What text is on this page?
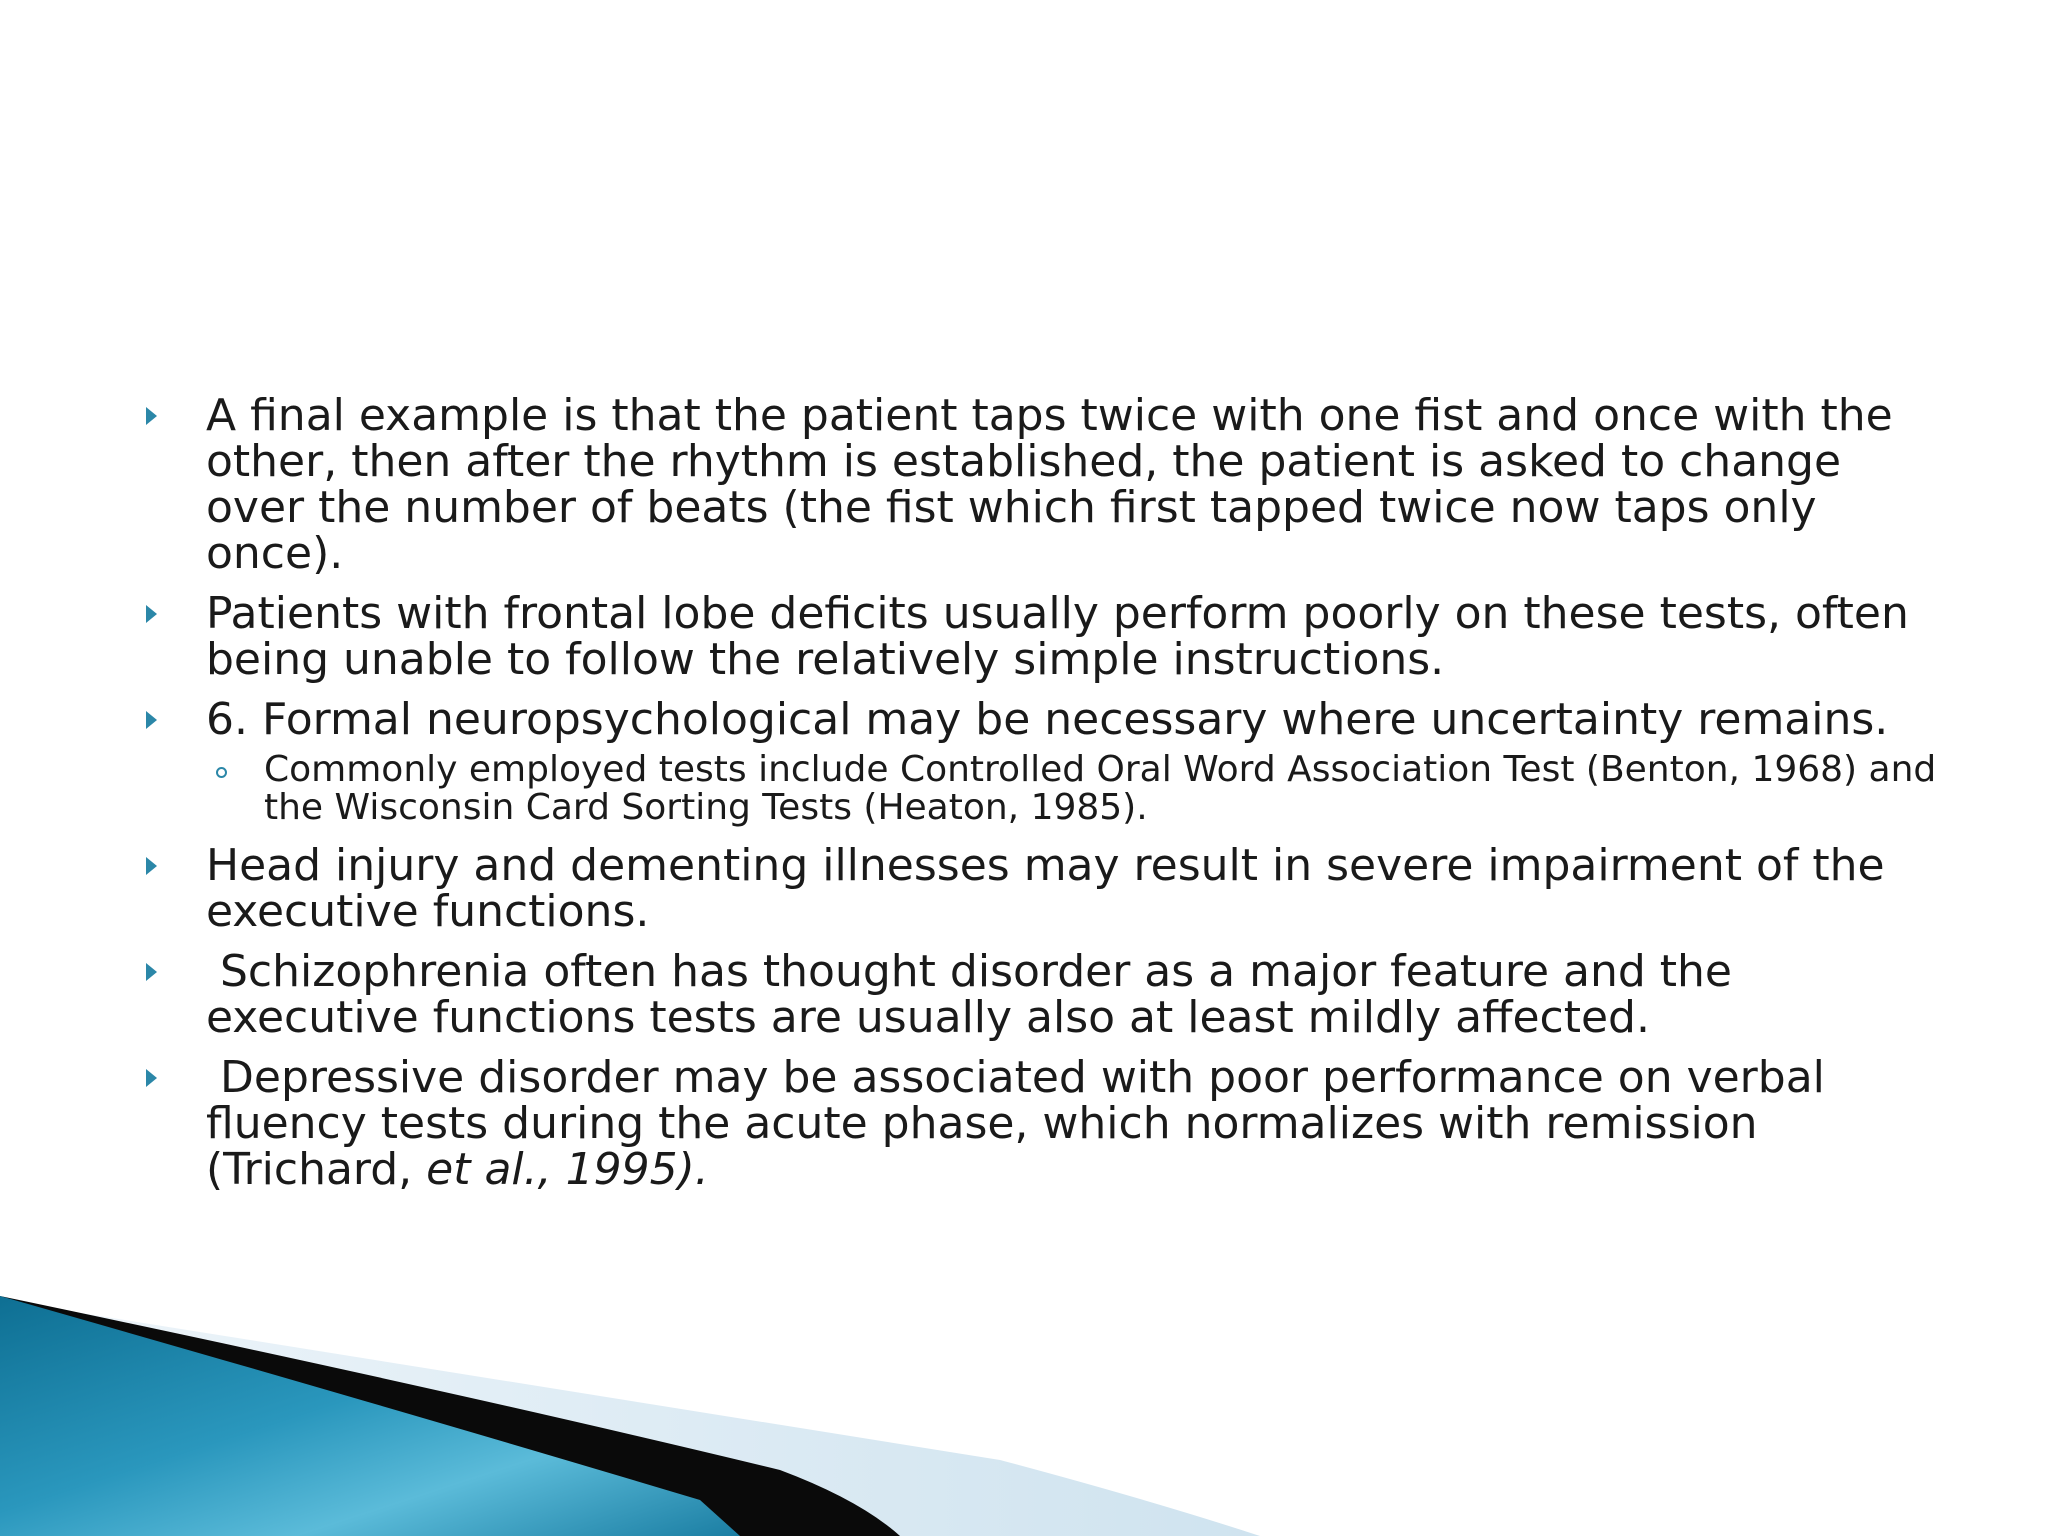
A final example is that the patient taps twice with one fist and once with the other, then after the rhythm is established, the patient is asked to change over the number of beats (the fist which first tapped twice now taps only once).
Patients with frontal lobe deficits usually perform poorly on these tests, often being unable to follow the relatively simple instructions.
6. Formal neuropsychological may be necessary where uncertainty remains.
Commonly employed tests include Controlled Oral Word Association Test (Benton, 1968) and the Wisconsin Card Sorting Tests (Heaton, 1985).
Head injury and dementing illnesses may result in severe impairment of the executive functions.
Schizophrenia often has thought disorder as a major feature and the executive functions tests are usually also at least mildly affected.
Depressive disorder may be associated with poor performance on verbal fluency tests during the acute phase, which normalizes with remission (Trichard, et al., 1995).
